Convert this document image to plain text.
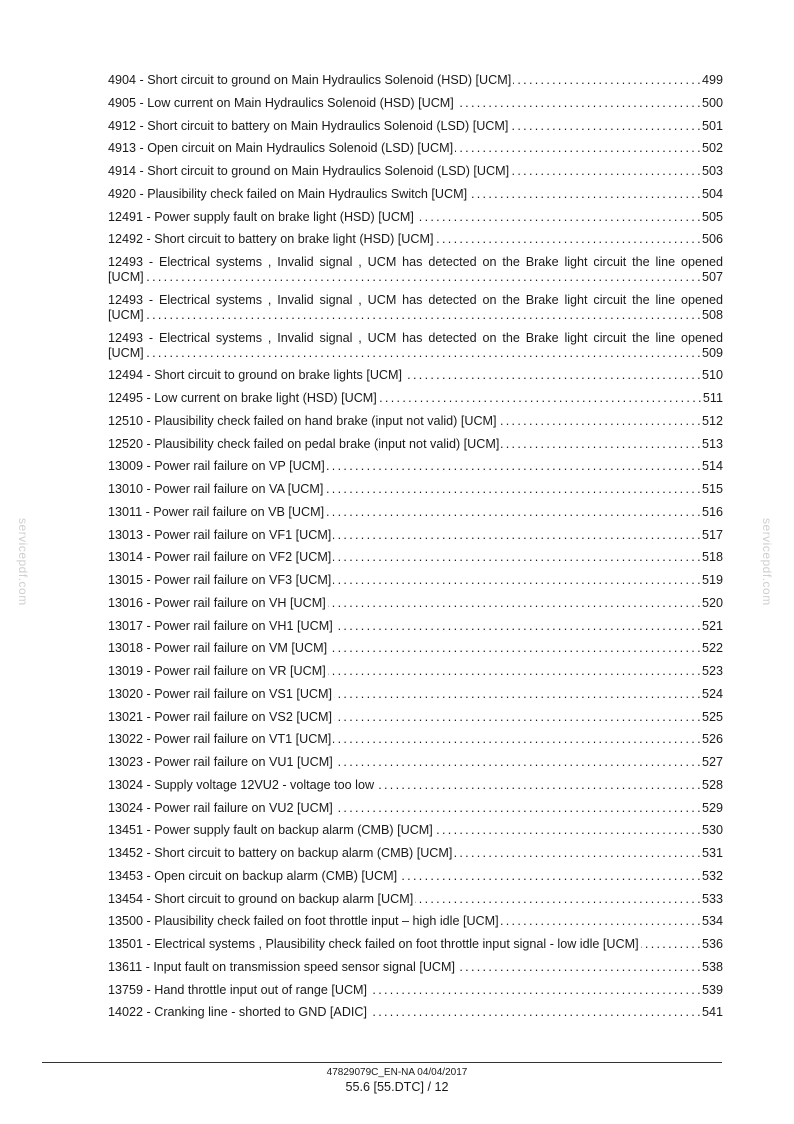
servicepdf.com	servicepdf.com
4904 - Short circuit to ground on Main Hydraulics Solenoid (HSD) [UCM] . . .	499
4905 - Low current on Main Hydraulics Solenoid (HSD) [UCM] . . .	500
4912 - Short circuit to battery on Main Hydraulics Solenoid (LSD) [UCM] . . .	501
4913 - Open circuit on Main Hydraulics Solenoid (LSD) [UCM] . . .	502
4914 - Short circuit to ground on Main Hydraulics Solenoid (LSD) [UCM] . . .	503
4920 - Plausibility check failed on Main Hydraulics Switch [UCM] . . .	504
12491 - Power supply fault on brake light (HSD) [UCM] . . .	505
12492 - Short circuit to battery on brake light (HSD) [UCM] . . .	506
12493 - Electrical systems , Invalid signal , UCM has detected on the Brake light circuit the line opened
[UCM] . . .	507
12493 - Electrical systems , Invalid signal , UCM has detected on the Brake light circuit the line opened
[UCM] . . .	508
12493 - Electrical systems , Invalid signal , UCM has detected on the Brake light circuit the line opened
[UCM] . . .	509
12494 - Short circuit to ground on brake lights [UCM] . . .	510
12495 - Low current on brake light (HSD) [UCM] . . .	511
12510 - Plausibility check failed on hand brake (input not valid) [UCM] . . .	512
12520 - Plausibility check failed on pedal brake (input not valid) [UCM] . . .	513
13009 - Power rail failure on VP [UCM] . . .	514
13010 - Power rail failure on VA [UCM] . . .	515
13011 - Power rail failure on VB [UCM] . . .	516
13013 - Power rail failure on VF1 [UCM] . . .	517
13014 - Power rail failure on VF2 [UCM] . . .	518
13015 - Power rail failure on VF3 [UCM] . . .	519
13016 - Power rail failure on VH [UCM] . . .	520
13017 - Power rail failure on VH1 [UCM] . . .	521
13018 - Power rail failure on VM [UCM] . . .	522
13019 - Power rail failure on VR [UCM] . . .	523
13020 - Power rail failure on VS1 [UCM] . . .	524
13021 - Power rail failure on VS2 [UCM] . . .	525
13022 - Power rail failure on VT1 [UCM] . . .	526
13023 - Power rail failure on VU1 [UCM] . . .	527
13024 - Supply voltage 12VU2 - voltage too low . . .	528
13024 - Power rail failure on VU2 [UCM] . . .	529
13451 - Power supply fault on backup alarm (CMB) [UCM] . . .	530
13452 - Short circuit to battery on backup alarm (CMB) [UCM] . . .	531
13453 - Open circuit on backup alarm (CMB) [UCM] . . .	532
13454 - Short circuit to ground on backup alarm [UCM] . . .	533
13500 - Plausibility check failed on foot throttle input – high idle [UCM] . . .	534
13501 - Electrical systems , Plausibility check failed on foot throttle input signal - low idle [UCM] . . .	536
13611 - Input fault on transmission speed sensor signal [UCM] . . .	538
13759 - Hand throttle input out of range [UCM] . . .	539
14022 - Cranking line - shorted to GND [ADIC] . . .	541
47829079C_EN-NA 04/04/2017
55.6 [55.DTC] / 12
